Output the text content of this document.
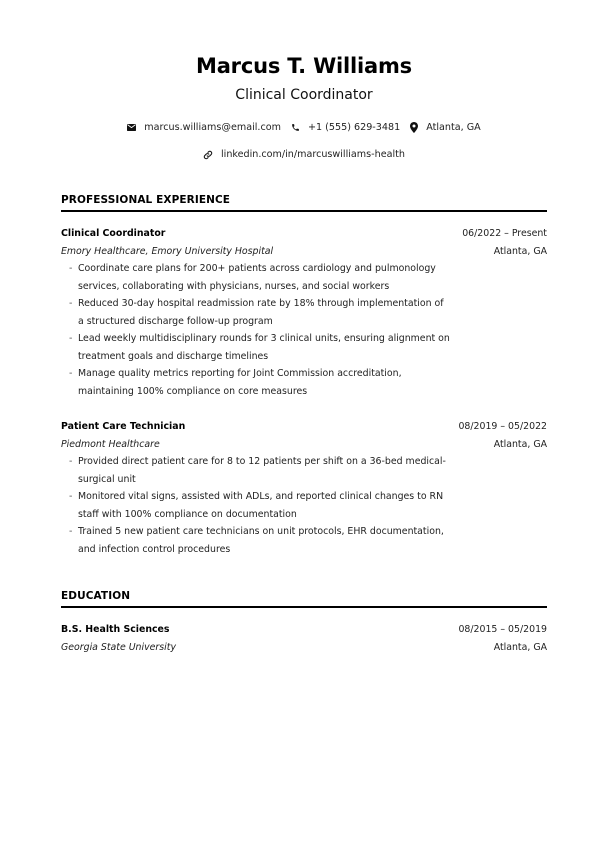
Marcus T. Williams
Clinical Coordinator
marcus.williams@email.com	+1 (555) 629-3481	Atlanta, GA
linkedin.com/in/marcuswilliams-health
PROFESSIONAL EXPERIENCE
Clinical Coordinator	06/2022 – Present
Emory Healthcare, Emory University Hospital	Atlanta, GA
- Coordinate care plans for 200+ patients across cardiology and pulmonology services, collaborating with physicians, nurses, and social workers
- Reduced 30-day hospital readmission rate by 18% through implementation of a structured discharge follow-up program
- Lead weekly multidisciplinary rounds for 3 clinical units, ensuring alignment on treatment goals and discharge timelines
- Manage quality metrics reporting for Joint Commission accreditation, maintaining 100% compliance on core measures
Patient Care Technician	08/2019 – 05/2022
Piedmont Healthcare	Atlanta, GA
- Provided direct patient care for 8 to 12 patients per shift on a 36-bed medical-surgical unit
- Monitored vital signs, assisted with ADLs, and reported clinical changes to RN staff with 100% compliance on documentation
- Trained 5 new patient care technicians on unit protocols, EHR documentation, and infection control procedures
EDUCATION
B.S. Health Sciences	08/2015 – 05/2019
Georgia State University	Atlanta, GA
